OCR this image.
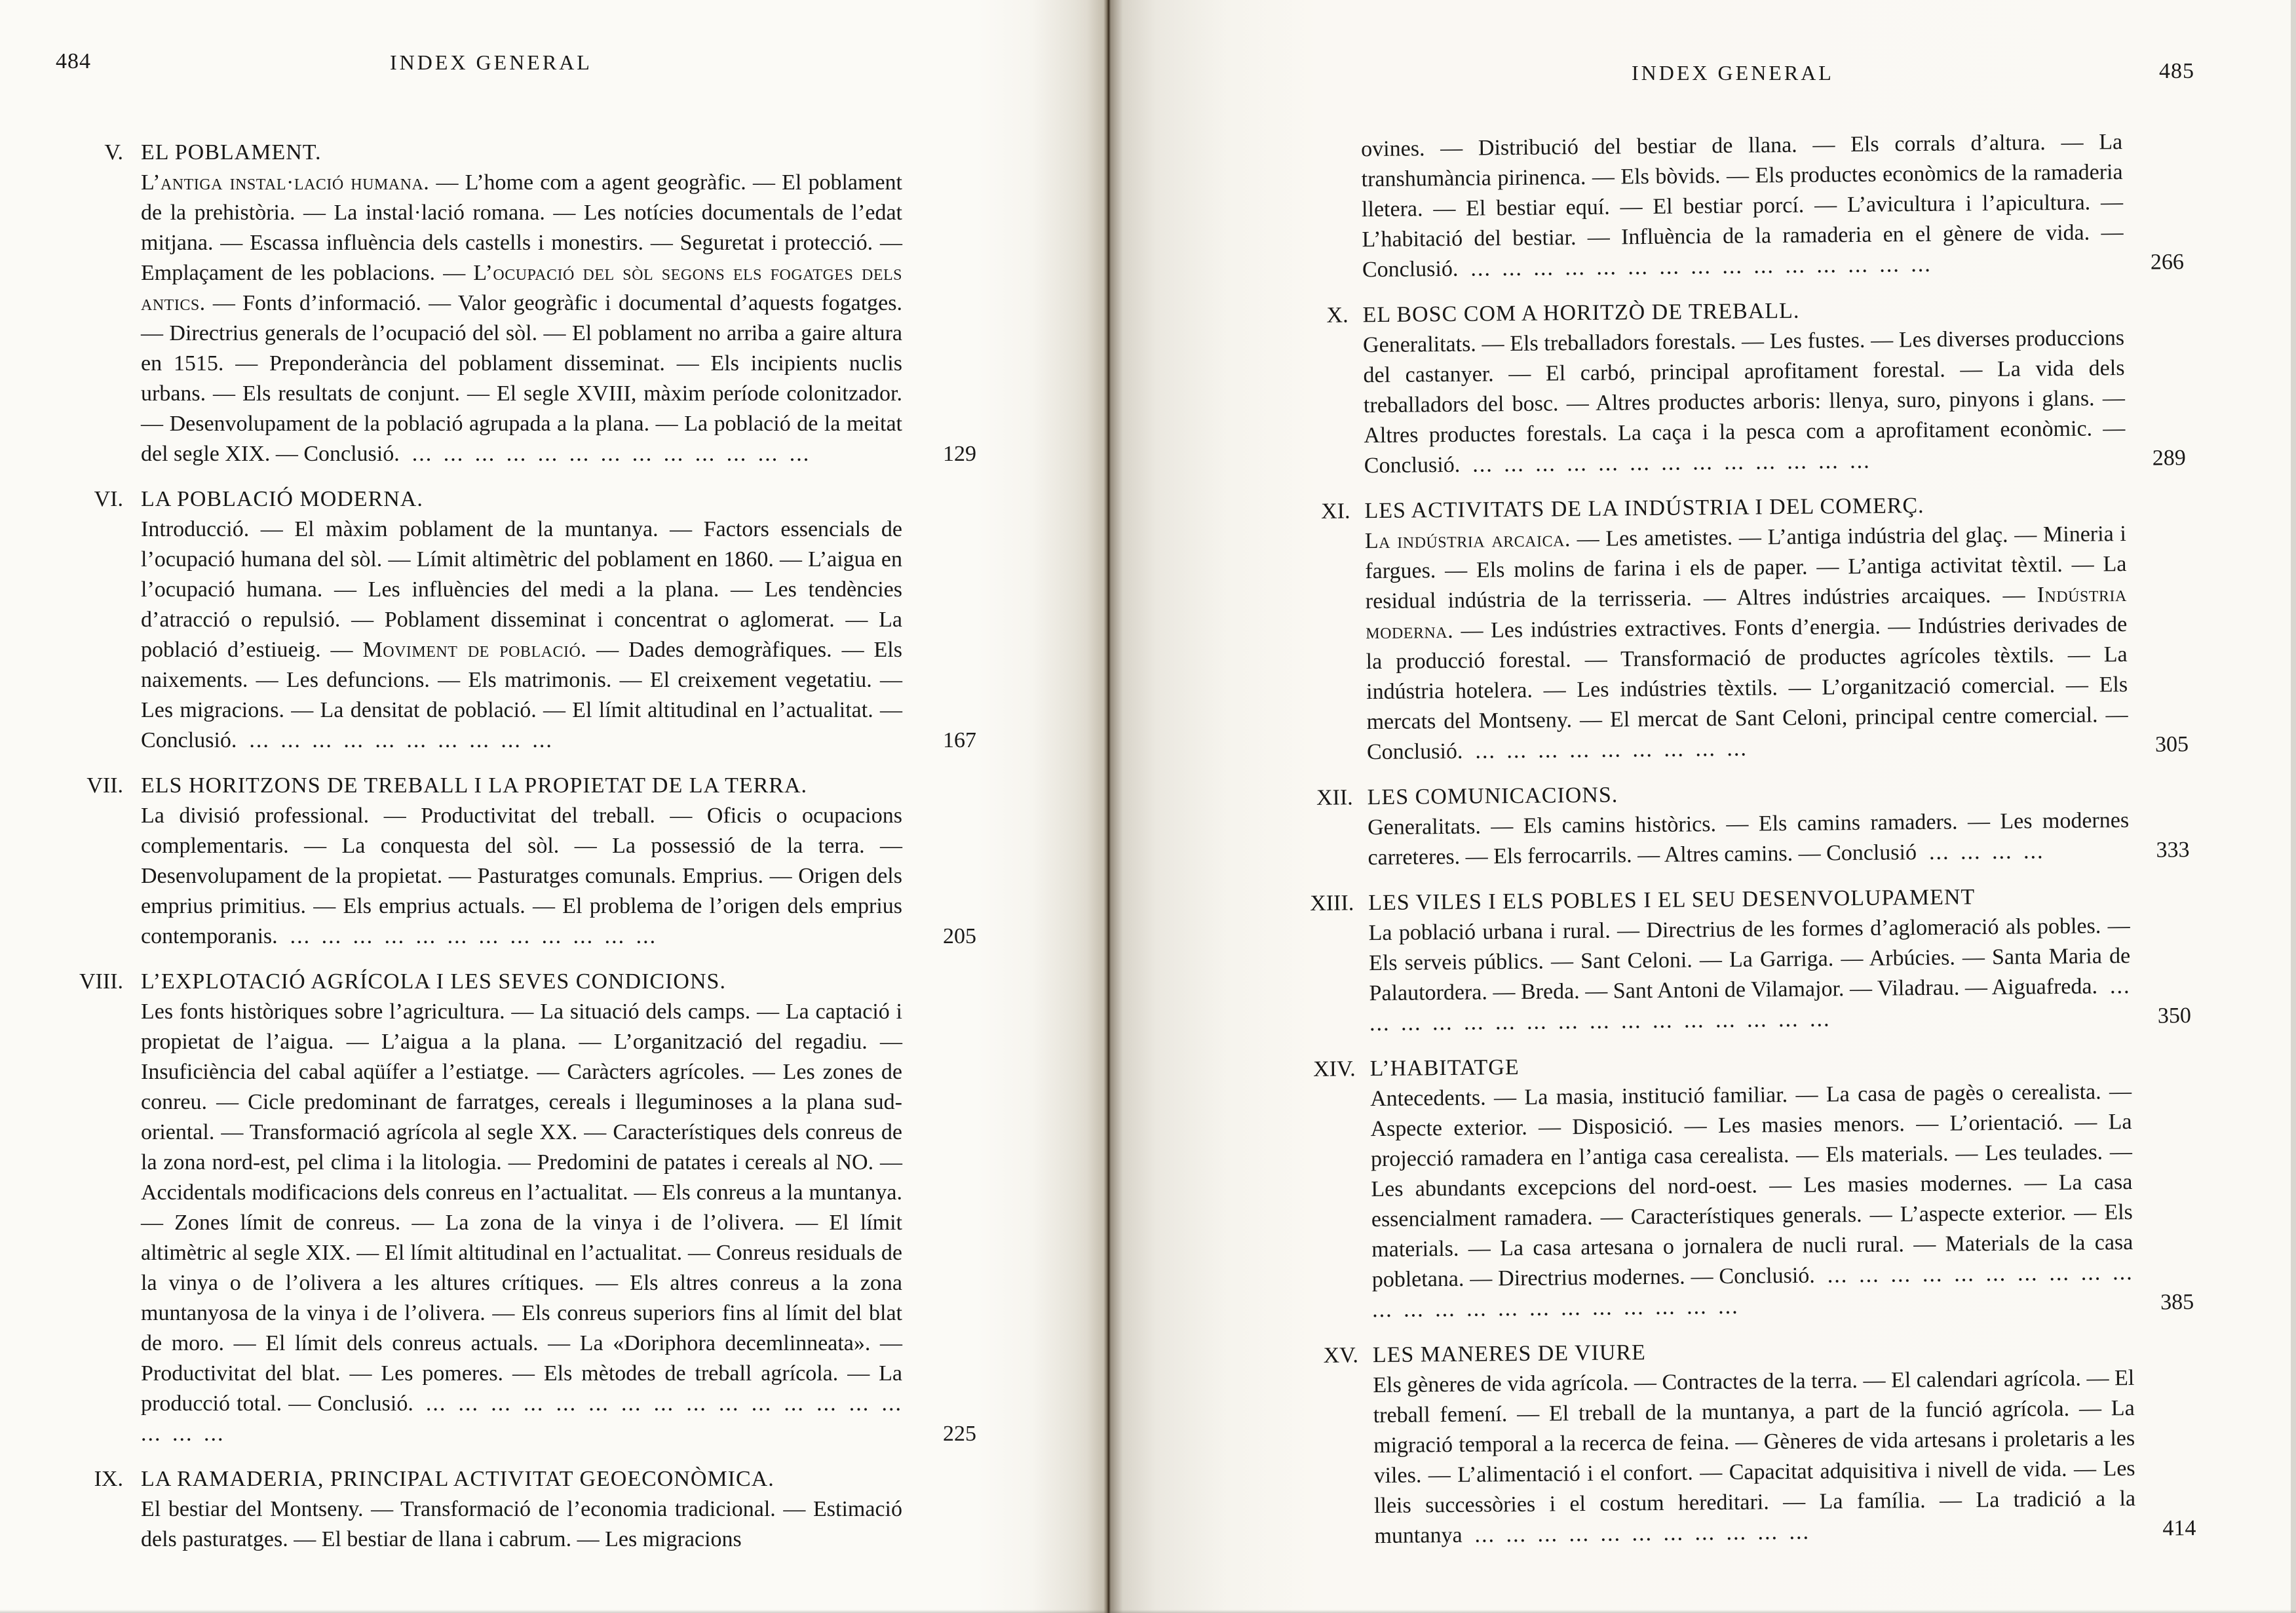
484	INDEX GENERAL
V. EL POBLAMENT.

L’antiga instal·lació humana. — L’home com a agent geogràfic. — El poblament de la prehistòria. — La instal·lació romana. — Les notícies documentals de l’edat mitjana. — Escassa influència dels castells i monestirs. — Seguretat i protecció. — Emplaçament de les poblacions. — L’ocupació del sòl segons els fogatges dels antics. — Fonts d’informació. — Valor geogràfic i documental d’aquests fogatges. — Directrius generals de l’ocupació del sòl. — El poblament no arriba a gaire altura en 1515. — Preponderància del poblament disseminat. — Els incipients nuclis urbans. — Els resultats de conjunt. — El segle XVIII, màxim període colonitzador. — Desenvolupament de la població agrupada a la plana. — La població de la meitat del segle XIX. — Conclusió. ... ... ... ... ... ... ... ... ... ... ... ... ...	129
VI. LA POBLACIÓ MODERNA.

Introducció. — El màxim poblament de la muntanya. — Factors essencials de l’ocupació humana del sòl. — Límit altimètric del poblament en 1860. — L’aigua en l’ocupació humana. — Les influències del medi a la plana. — Les tendències d’atracció o repulsió. — Poblament disseminat i concentrat o aglomerat. — La població d’estiueig. — Moviment de població. — Dades demogràfiques. — Els naixements. — Les defuncions. — Els matrimonis. — El creixement vegetatiu. — Les migracions. — La densitat de població. — El límit altitudinal en l’actualitat. — Conclusió. ... ... ... ... ... ... ... ... ... ...	167
VII. ELS HORITZONS DE TREBALL I LA PROPIETAT DE LA TERRA.

La divisió professional. — Productivitat del treball. — Oficis o ocupacions complementaris. — La conquesta del sòl. — La possessió de la terra. — Desenvolupament de la propietat. — Pasturatges comunals. Emprius. — Origen dels emprius primitius. — Els emprius actuals. — El problema de l’origen dels emprius contemporanis. ... ... ... ... ... ... ... ... ... ... ... ...	205
VIII. L’EXPLOTACIÓ AGRÍCOLA I LES SEVES CONDICIONS.

Les fonts històriques sobre l’agricultura. — La situació dels camps. — La captació i propietat de l’aigua. — L’aigua a la plana. — L’organització del regadiu. — Insuficiència del cabal aqüífer a l’estiatge. — Caràcters agrícoles. — Les zones de conreu. — Cicle predominant de farratges, cereals i lleguminoses a la plana sud-oriental. — Transformació agrícola al segle XX. — Característiques dels conreus de la zona nord-est, pel clima i la litologia. — Predomini de patates i cereals al NO. — Accidentals modificacions dels conreus en l’actualitat. — Els conreus a la muntanya. — Zones límit de conreus. — La zona de la vinya i de l’olivera. — El límit altimètric al segle XIX. — El límit altitudinal en l’actualitat. — Conreus residuals de la vinya o de l’olivera a les altures crítiques. — Els altres conreus a la zona muntanyosa de la vinya i de l’olivera. — Els conreus superiors fins al límit del blat de moro. — El límit dels conreus actuals. — La «Doriphora decemlinneata». — Productivitat del blat. — Les pomeres. — Els mètodes de treball agrícola. — La producció total. — Conclusió. ... ... ... ... ... ... ... ... ... ... ... ... ... ... ... ... ... ...	225
IX. LA RAMADERIA, PRINCIPAL ACTIVITAT GEOECONÒMICA.

El bestiar del Montseny. — Transformació de l’economia tradicional. — Estimació dels pasturatges. — El bestiar de llana i cabrum. — Les migracions

INDEX GENERAL	485

ovines. — Distribució del bestiar de llana. — Els corrals d’altura. — La transhumància pirinenca. — Els bòvids. — Els productes econòmics de la ramaderia lletera. — El bestiar equí. — El bestiar porcí. — L’avicultura i l’apicultura. — L’habitació del bestiar. — Influència de la ramaderia en el gènere de vida. — Conclusió. ... ... ... ... ... ... ... ... ... ... ... ... ... ... ...	266
X. EL BOSC COM A HORITZÒ DE TREBALL.

Generalitats. — Els treballadors forestals. — Les fustes. — Les diverses produccions del castanyer. — El carbó, principal aprofitament forestal. — La vida dels treballadors del bosc. — Altres productes arboris: llenya, suro, pinyons i glans. — Altres productes forestals. La caça i la pesca com a aprofitament econòmic. — Conclusió. ... ... ... ... ... ... ... ... ... ... ... ... ...	289
XI. LES ACTIVITATS DE LA INDÚSTRIA I DEL COMERÇ.

La indústria arcaica. — Les ametistes. — L’antiga indústria del glaç. — Mineria i fargues. — Els molins de farina i els de paper. — L’antiga activitat tèxtil. — La residual indústria de la terrisseria. — Altres indústries arcaiques. — Indústria moderna. — Les indústries extractives. Fonts d’energia. — Indústries derivades de la producció forestal. — Transformació de productes agrícoles tèxtils. — La indústria hotelera. — Les indústries tèxtils. — L’organització comercial. — Els mercats del Montseny. — El mercat de Sant Celoni, principal centre comercial. — Conclusió. ... ... ... ... ... ... ... ... ...	305
XII. LES COMUNICACIONS.

Generalitats. — Els camins històrics. — Els camins ramaders. — Les modernes carreteres. — Els ferrocarrils. — Altres camins. — Conclusió ... ... ... ...	333
XIII. LES VILES I ELS POBLES I EL SEU DESENVOLUPAMENT

La població urbana i rural. — Directrius de les formes d’aglomeració als pobles. — Els serveis públics. — Sant Celoni. — La Garriga. — Arbúcies. — Santa Maria de Palautordera. — Breda. — Sant Antoni de Vilamajor. — Viladrau. — Aiguafreda. ... ... ... ... ... ... ... ... ... ... ... ... ... ... ... ...	350
XIV. L’HABITATGE

Antecedents. — La masia, institució familiar. — La casa de pagès o cerealista. — Aspecte exterior. — Disposició. — Les masies menors. — L’orientació. — La projecció ramadera en l’antiga casa cerealista. — Els materials. — Les teulades. — Les abundants excepcions del nord-oest. — Les masies modernes. — La casa essencialment ramadera. — Característiques generals. — L’aspecte exterior. — Els materials. — La casa artesana o jornalera de nucli rural. — Materials de la casa pobletana. — Directrius modernes. — Conclusió. ... ... ... ... ... ... ... ... ... ... ... ... ... ... ... ... ... ... ... ... ... ...	385
XV. LES MANERES DE VIURE

Els gèneres de vida agrícola. — Contractes de la terra. — El calendari agrícola. — El treball femení. — El treball de la muntanya, a part de la funció agrícola. — La migració temporal a la recerca de feina. — Gèneres de vida artesans i proletaris a les viles. — L’alimentació i el confort. — Capacitat adquisitiva i nivell de vida. — Les lleis successòries i el costum hereditari. — La família. — La tradició a la muntanya ... ... ... ... ... ... ... ... ... ... ...	414
